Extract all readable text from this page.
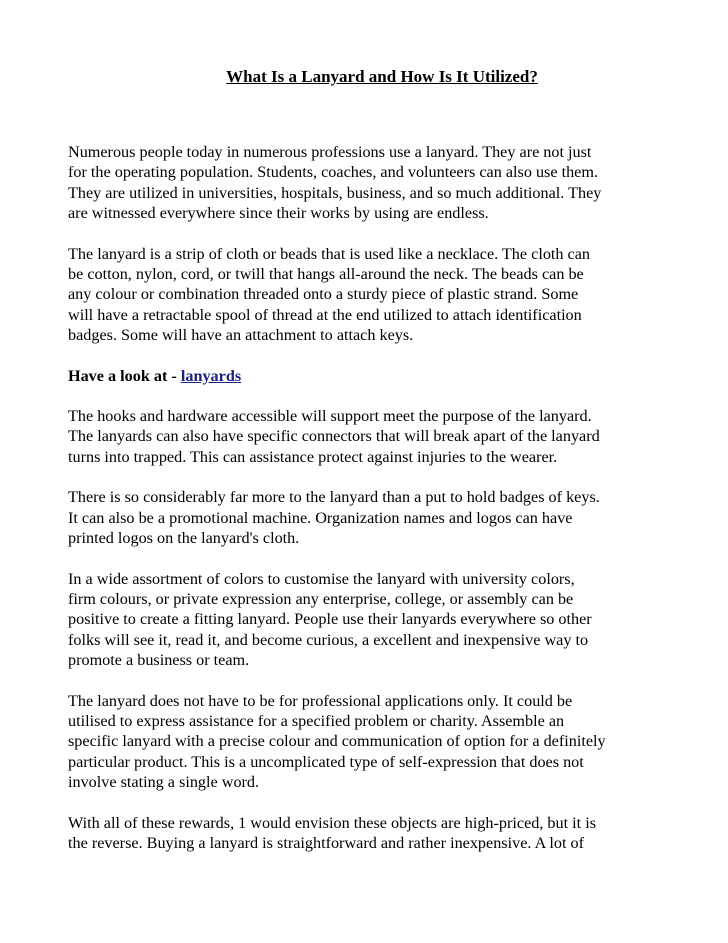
What Is a Lanyard and How Is It Utilized?
Numerous people today in numerous professions use a lanyard. They are not just
for the operating population. Students, coaches, and volunteers can also use them.
They are utilized in universities, hospitals, business, and so much additional. They
are witnessed everywhere since their works by using are endless.
The lanyard is a strip of cloth or beads that is used like a necklace. The cloth can
be cotton, nylon, cord, or twill that hangs all-around the neck. The beads can be
any colour or combination threaded onto a sturdy piece of plastic strand. Some
will have a retractable spool of thread at the end utilized to attach identification
badges. Some will have an attachment to attach keys.
Have a look at - lanyards
The hooks and hardware accessible will support meet the purpose of the lanyard.
The lanyards can also have specific connectors that will break apart of the lanyard
turns into trapped. This can assistance protect against injuries to the wearer.
There is so considerably far more to the lanyard than a put to hold badges of keys.
It can also be a promotional machine. Organization names and logos can have
printed logos on the lanyard's cloth.
In a wide assortment of colors to customise the lanyard with university colors,
firm colours, or private expression any enterprise, college, or assembly can be
positive to create a fitting lanyard. People use their lanyards everywhere so other
folks will see it, read it, and become curious, a excellent and inexpensive way to
promote a business or team.
The lanyard does not have to be for professional applications only. It could be
utilised to express assistance for a specified problem or charity. Assemble an
specific lanyard with a precise colour and communication of option for a definitely
particular product. This is a uncomplicated type of self-expression that does not
involve stating a single word.
With all of these rewards, 1 would envision these objects are high-priced, but it is
the reverse. Buying a lanyard is straightforward and rather inexpensive. A lot of
